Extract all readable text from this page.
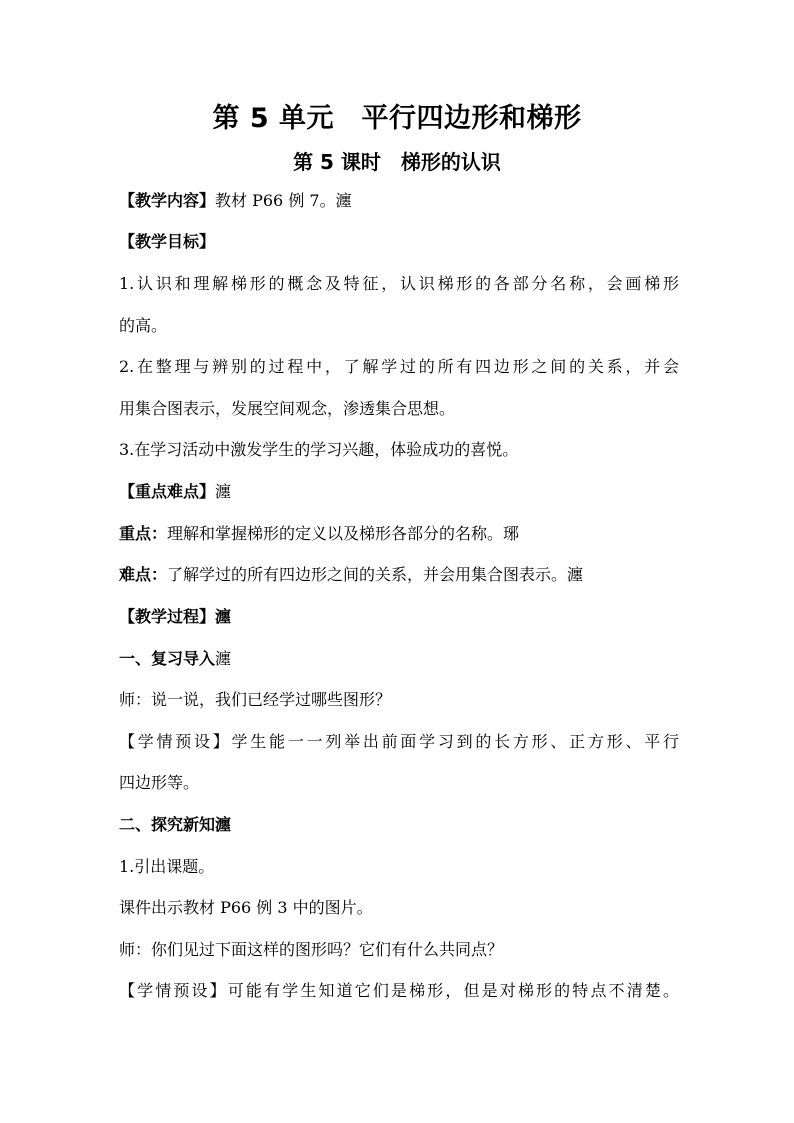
第 5 单元　平行四边形和梯形
第 5 课时　梯形的认识
【教学内容】教材 P66 例 7。瀍
【教学目标】
1.认识和理解梯形的概念及特征，认识梯形的各部分名称，会画梯形
的高。
2.在整理与辨别的过程中，了解学过的所有四边形之间的关系，并会
用集合图表示，发展空间观念，渗透集合思想。
3.在学习活动中激发学生的学习兴趣，体验成功的喜悦。
【重点难点】瀍
重点：理解和掌握梯形的定义以及梯形各部分的名称。琊
难点：了解学过的所有四边形之间的关系，并会用集合图表示。瀍
【教学过程】瀍
一、复习导入瀍
师：说一说，我们已经学过哪些图形？
【学情预设】学生能一一列举出前面学习到的长方形、正方形、平行
四边形等。
二、探究新知瀍
1.引出课题。
课件出示教材 P66 例 3 中的图片。
师：你们见过下面这样的图形吗？它们有什么共同点？
【学情预设】可能有学生知道它们是梯形，但是对梯形的特点不清楚。
